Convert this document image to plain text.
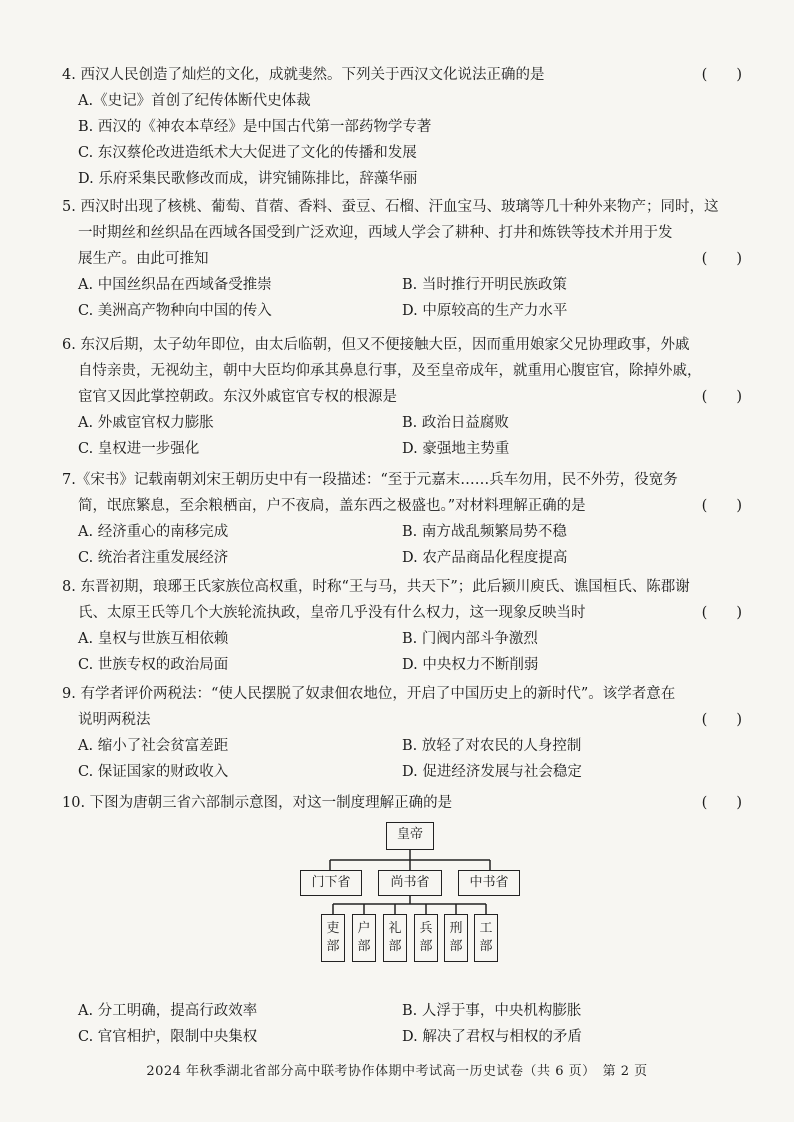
4. 西汉人民创造了灿烂的文化，成就斐然。下列关于西汉文化说法正确的是	(　　)
A.《史记》首创了纪传体断代史体裁
B. 西汉的《神农本草经》是中国古代第一部药物学专著
C. 东汉蔡伦改进造纸术大大促进了文化的传播和发展
D. 乐府采集民歌修改而成，讲究铺陈排比，辞藻华丽
5. 西汉时出现了核桃、葡萄、苜蓿、香料、蚕豆、石榴、汗血宝马、玻璃等几十种外来物产；同时，这
一时期丝和丝织品在西域各国受到广泛欢迎，西域人学会了耕种、打井和炼铁等技术并用于发
展生产。由此可推知	(　　)
A. 中国丝织品在西域备受推崇	B. 当时推行开明民族政策
C. 美洲高产物种向中国的传入	D. 中原较高的生产力水平
6. 东汉后期，太子幼年即位，由太后临朝，但又不便接触大臣，因而重用娘家父兄协理政事，外戚
自恃亲贵，无视幼主，朝中大臣均仰承其鼻息行事，及至皇帝成年，就重用心腹宦官，除掉外戚，
宦官又因此掌控朝政。东汉外戚宦官专权的根源是	(　　)
A. 外戚宦官权力膨胀	B. 政治日益腐败
C. 皇权进一步强化	D. 豪强地主势重
7.《宋书》记载南朝刘宋王朝历史中有一段描述：“至于元嘉末……兵车勿用，民不外劳，役宽务
简，氓庶繁息，至余粮栖亩，户不夜扃，盖东西之极盛也。”对材料理解正确的是	(　　)
A. 经济重心的南移完成	B. 南方战乱频繁局势不稳
C. 统治者注重发展经济	D. 农产品商品化程度提高
8. 东晋初期，琅琊王氏家族位高权重，时称“王与马，共天下”；此后颍川庾氏、谯国桓氏、陈郡谢
氏、太原王氏等几个大族轮流执政，皇帝几乎没有什么权力，这一现象反映当时	(　　)
A. 皇权与世族互相依赖	B. 门阀内部斗争激烈
C. 世族专权的政治局面	D. 中央权力不断削弱
9. 有学者评价两税法：“使人民摆脱了奴隶佃农地位，开启了中国历史上的新时代”。该学者意在
说明两税法	(　　)
A. 缩小了社会贫富差距	B. 放轻了对农民的人身控制
C. 保证国家的财政收入	D. 促进经济发展与社会稳定
10. 下图为唐朝三省六部制示意图，对这一制度理解正确的是	(　　)
皇帝
门下省	尚书省	中书省
吏部
户部
礼部
兵部
刑部
工部
A. 分工明确，提高行政效率	B. 人浮于事，中央机构膨胀
C. 官官相护，限制中央集权	D. 解决了君权与相权的矛盾
2024 年秋季湖北省部分高中联考协作体期中考试高一历史试卷（共 6 页）　第 2 页
